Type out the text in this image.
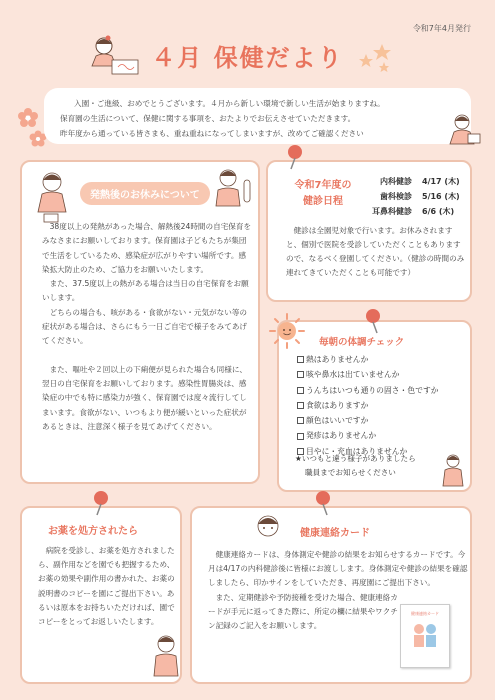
令和7年4月発行
４月 保健だより

入園・ご進級、おめでとうございます。４月から新しい環境で新しい生活が始まりますね。

保育園の生活について、保健に関する事項を、おたよりでお伝えさせていただきます。

昨年度から通っている皆さまも、重ね重ねになってしまいますが、改めてご確認ください

発熱後のお休みについて

　38度以上の発熱があった場合、解熱後24時間の自宅保育をみなさまにお願いしております。保育園は子どもたちが集団で生活をしているため、感染症が広がりやすい場所です。感染拡大防止のため、ご協力をお願いいたします。

　また、37.5度以上の熱がある場合は当日の自宅保育をお願いします。

　どちらの場合も、咳がある・食欲がない・元気がない等の症状がある場合は、さらにもう一日ご自宅で様子をみてあげてください。

　また、嘔吐や２回以上の下痢便が見られた場合も同様に、翌日の自宅保育をお願いしております。感染性胃腸炎は、感染症の中でも特に感染力が強く、保育園では度々流行してしまいます。食欲がない、いつもより便が緩いといった症状があるときは、注意深く様子を見てあげてください。

令和7年度の
健診日程
内科健診 4/17 (木)
歯科検診 5/16 (木)
耳鼻科健診 6/6 (木)
　健診は全園児対象で行います。お休みされますと、個別で医院を受診していただくこともありますので、なるべく登園してください。（健診の時間のみ連れてきていただくことも可能です）
毎朝の体調チェック
熱はありませんか
咳や鼻水は出ていませんか
うんちはいつも通りの固さ・色ですか
食欲はありますか
顔色はいいですか
発疹はありませんか
目やに・充血はありませんか
★いつもと違う様子がありましたら
職員までお知らせください
お薬を処方されたら
　病院を受診し、お薬を処方されましたら、副作用などを園でも把握するため、お薬の効果や副作用の書かれた、お薬の説明書のコピーを園にご提出下さい。あるいは原本をお持ちいただければ、園でコピーをとってお返しいたします。
健康連絡カード

　健康連絡カードは、身体測定や健診の結果をお知らせするカードです。今月は4/17の内科健診後に皆様にお渡しします。身体測定や健診の結果を確認しましたら、印かサインをしていただき、再度園にご提出下さい。

　また、定期健診や予防接種を受けた場合、健康連絡カードが手元に返ってきた際に、所定の欄に結果やワクチン記録のご記入をお願いします。

健康連絡カード
